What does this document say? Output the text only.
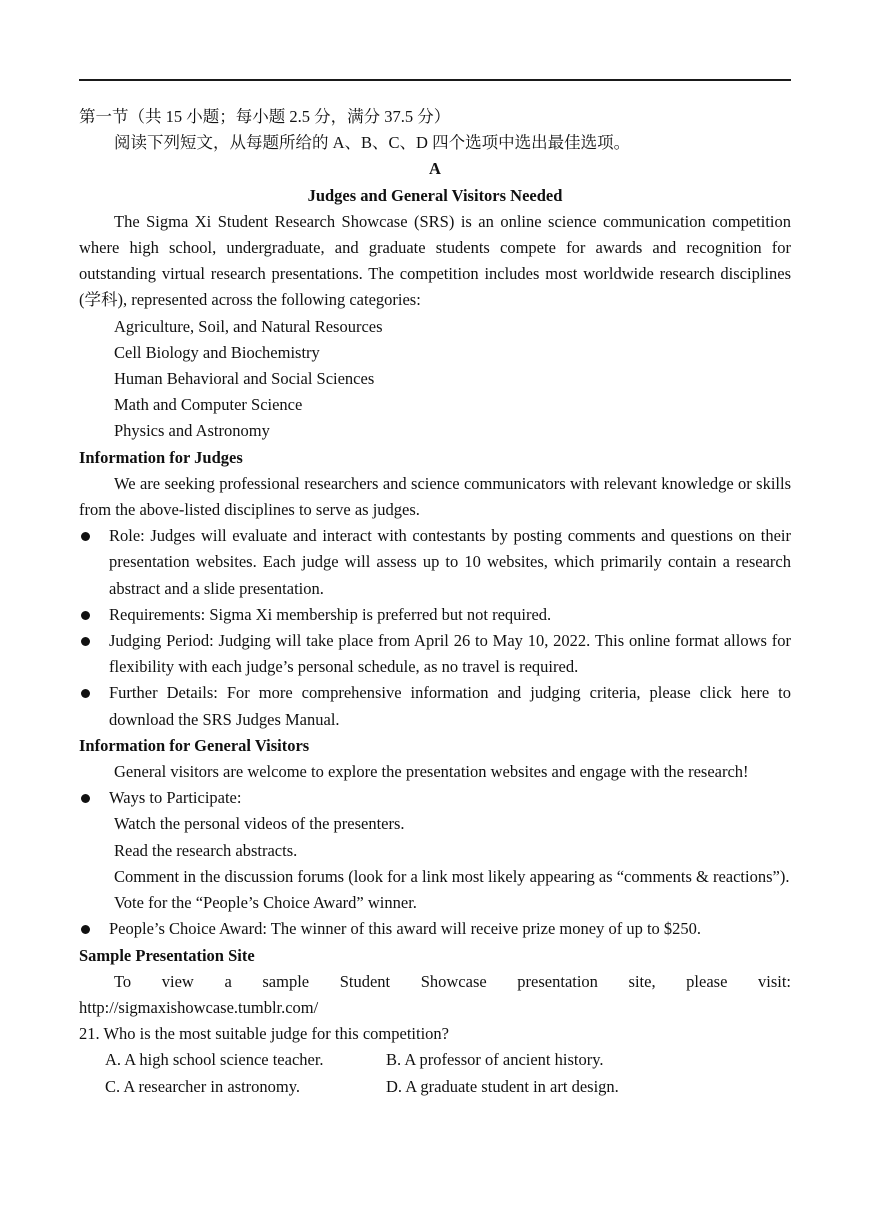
第一节（共 15 小题；每小题 2.5 分，满分 37.5 分）
阅读下列短文，从每题所给的 A、B、C、D 四个选项中选出最佳选项。
A
Judges and General Visitors Needed
The Sigma Xi Student Research Showcase (SRS) is an online science communication competition where high school, undergraduate, and graduate students compete for awards and recognition for outstanding virtual research presentations. The competition includes most worldwide research disciplines (学科), represented across the following categories:
Agriculture, Soil, and Natural Resources
Cell Biology and Biochemistry
Human Behavioral and Social Sciences
Math and Computer Science
Physics and Astronomy
Information for Judges
We are seeking professional researchers and science communicators with relevant knowledge or skills from the above-listed disciplines to serve as judges.
Role: Judges will evaluate and interact with contestants by posting comments and questions on their presentation websites. Each judge will assess up to 10 websites, which primarily contain a research abstract and a slide presentation.
Requirements: Sigma Xi membership is preferred but not required.
Judging Period: Judging will take place from April 26 to May 10, 2022. This online format allows for flexibility with each judge’s personal schedule, as no travel is required.
Further Details: For more comprehensive information and judging criteria, please click here to download the SRS Judges Manual.
Information for General Visitors
General visitors are welcome to explore the presentation websites and engage with the research!
Ways to Participate:
Watch the personal videos of the presenters.
Read the research abstracts.
Comment in the discussion forums (look for a link most likely appearing as “comments & reactions”).
Vote for the “People’s Choice Award” winner.
People’s Choice Award: The winner of this award will receive prize money of up to $250.
Sample Presentation Site
To view a sample Student Showcase presentation site, please visit:
http://sigmaxishowcase.tumblr.com/
21. Who is the most suitable judge for this competition?
A. A high school science teacher.	B. A professor of ancient history.
C. A researcher in astronomy.	D. A graduate student in art design.
